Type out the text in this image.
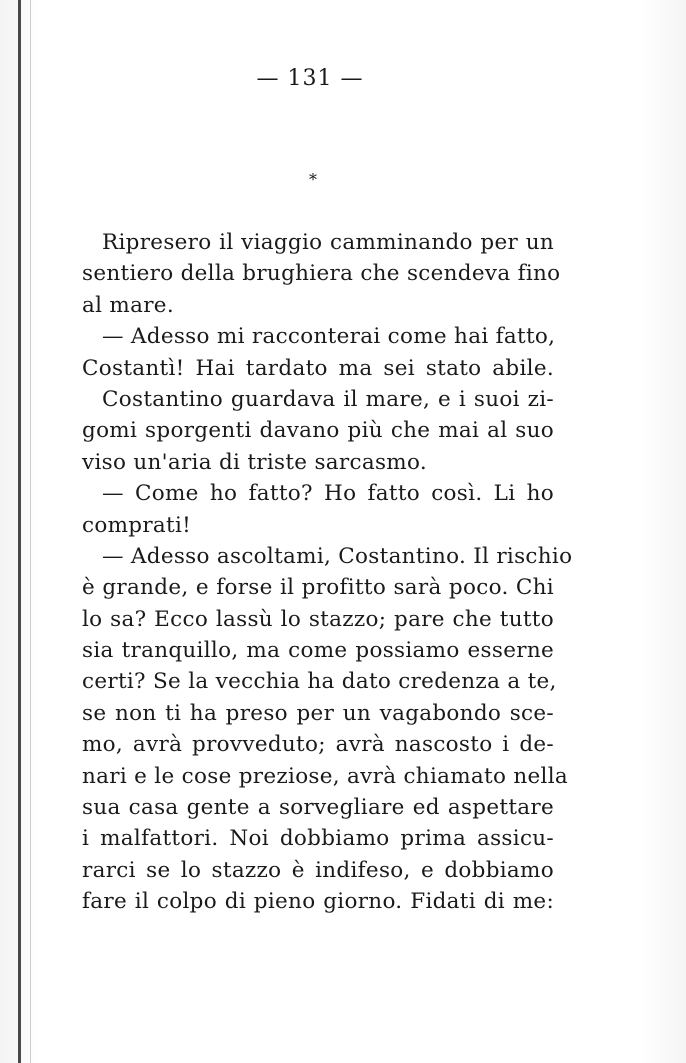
— 131 —
*
Ripresero il viaggio camminando per un
sentiero della brughiera che scendeva fino
al mare.
— Adesso mi racconterai come hai fatto,
Costantì! Hai tardato ma sei stato abile.
Costantino guardava il mare, e i suoi zi-
gomi sporgenti davano più che mai al suo
viso un'aria di triste sarcasmo.
— Come ho fatto? Ho fatto così. Li ho
comprati!
— Adesso ascoltami, Costantino. Il rischio
è grande, e forse il profitto sarà poco. Chi
lo sa? Ecco lassù lo stazzo; pare che tutto
sia tranquillo, ma come possiamo esserne
certi? Se la vecchia ha dato credenza a te,
se non ti ha preso per un vagabondo sce-
mo, avrà provveduto; avrà nascosto i de-
nari e le cose preziose, avrà chiamato nella
sua casa gente a sorvegliare ed aspettare
i malfattori. Noi dobbiamo prima assicu-
rarci se lo stazzo è indifeso, e dobbiamo
fare il colpo di pieno giorno. Fidati di me:
